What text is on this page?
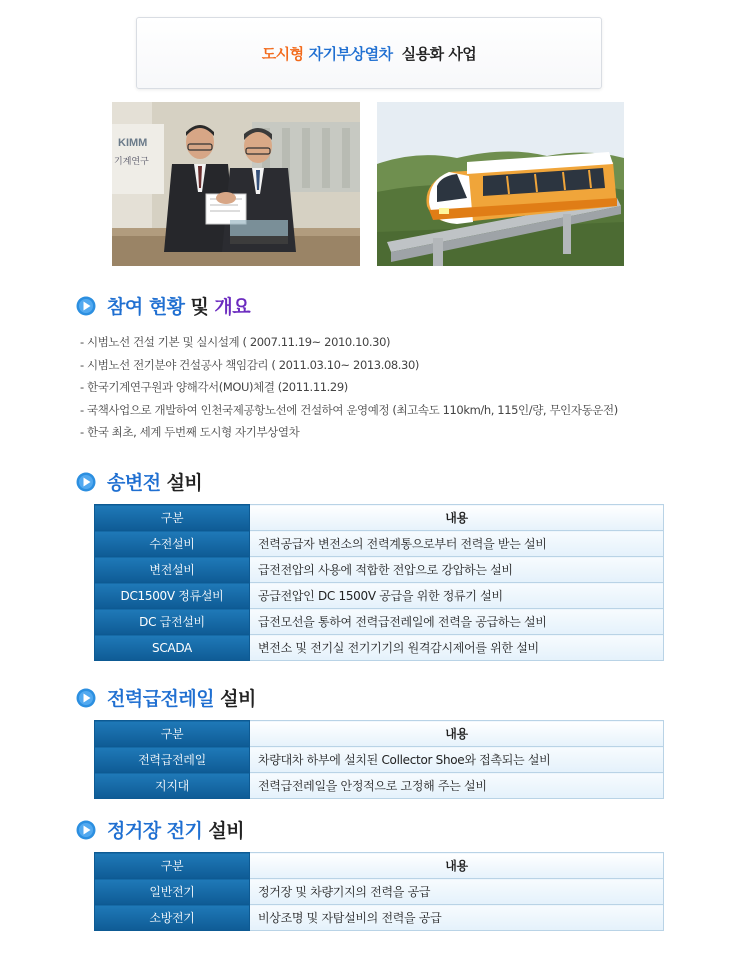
도시형 자기부상열차 실용화 사업
KIMM
기계연구
참여 현황 및 개요
- 시범노선 건설 기본 및 실시설계 ( 2007.11.19~ 2010.10.30)
- 시범노선 전기분야 건설공사 책임감리 ( 2011.03.10~ 2013.08.30)
- 한국기계연구원과 양해각서(MOU)체결 (2011.11.29)
- 국책사업으로 개발하여 인천국제공항노선에 건설하여 운영예정 (최고속도 110km/h, 115인/량, 무인자동운전)
- 한국 최초, 세계 두번째 도시형 자기부상열차
송변전 설비
구분	내용
수전설비	전력공급자 변전소의 전력계통으로부터 전력을 받는 설비
변전설비	급전전압의 사용에 적합한 전압으로 강압하는 설비
DC1500V 정류설비	공급전압인 DC 1500V 공급을 위한 정류기 설비
DC 급전설비	급전모선을 통하여 전력급전레일에 전력을 공급하는 설비
SCADA	변전소 및 전기실 전기기기의 원격감시제어를 위한 설비
전력급전레일 설비
구분	내용
전력급전레일	차량대차 하부에 설치된 Collector Shoe와 접촉되는 설비
지지대	전력급전레일을 안정적으로 고정해 주는 설비
정거장 전기 설비
구분	내용
일반전기	정거장 및 차량기지의 전력을 공급
소방전기	비상조명 및 자탐설비의 전력을 공급
